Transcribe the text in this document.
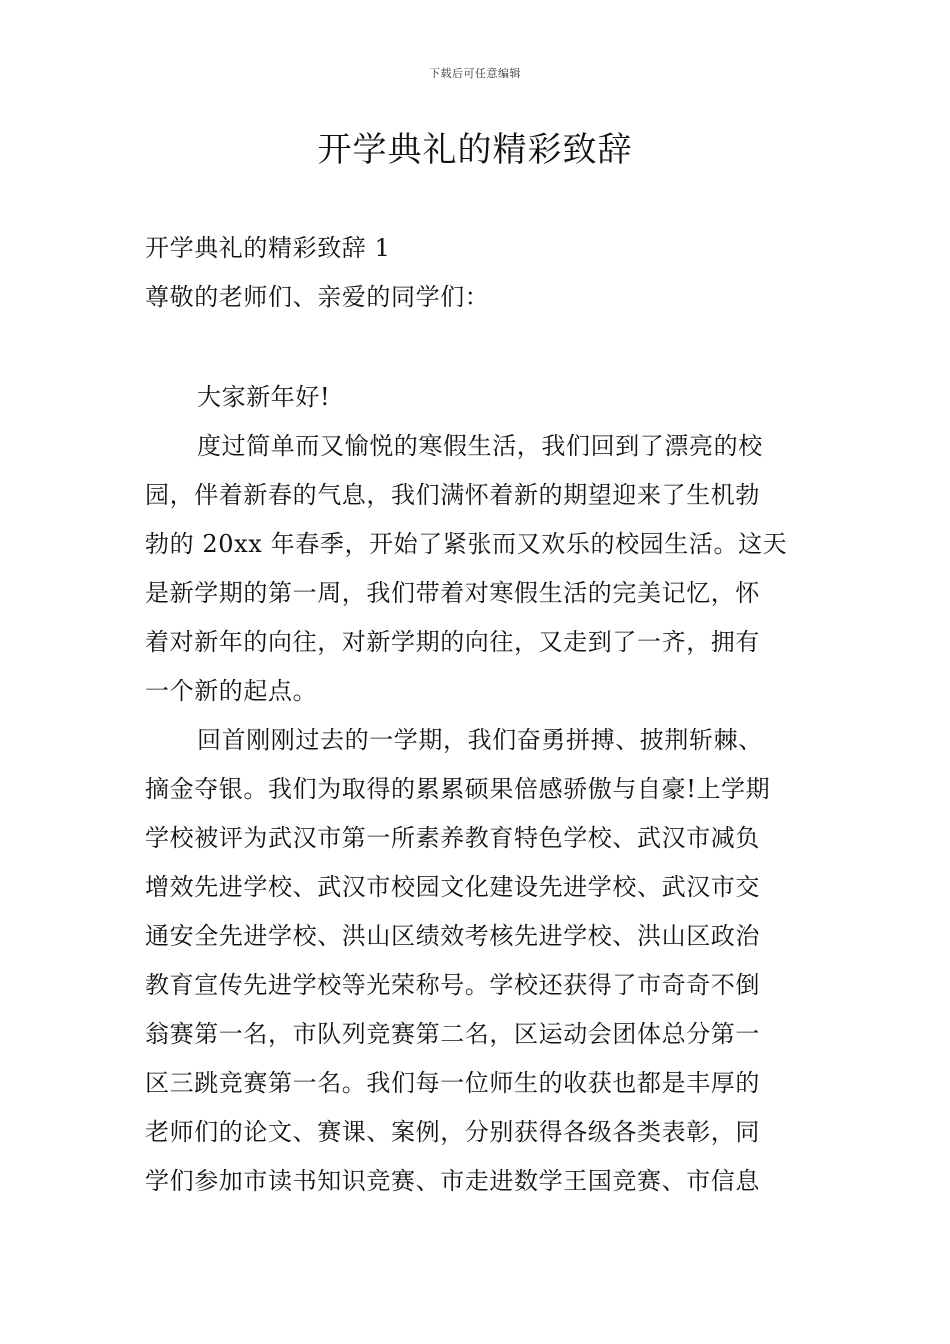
下载后可任意编辑
开学典礼的精彩致辞
开学典礼的精彩致辞 1
尊敬的老师们、亲爱的同学们：
大家新年好!
度过简单而又愉悦的寒假生活，我们回到了漂亮的校
园，伴着新春的气息，我们满怀着新的期望迎来了生机勃
勃的 20xx 年春季，开始了紧张而又欢乐的校园生活。这天
是新学期的第一周，我们带着对寒假生活的完美记忆，怀
着对新年的向往，对新学期的向往，又走到了一齐，拥有
一个新的起点。
回首刚刚过去的一学期，我们奋勇拼搏、披荆斩棘、
摘金夺银。我们为取得的累累硕果倍感骄傲与自豪!上学期
学校被评为武汉市第一所素养教育特色学校、武汉市减负
增效先进学校、武汉市校园文化建设先进学校、武汉市交
通安全先进学校、洪山区绩效考核先进学校、洪山区政治
教育宣传先进学校等光荣称号。学校还获得了市奇奇不倒
翁赛第一名，市队列竞赛第二名，区运动会团体总分第一
区三跳竞赛第一名。我们每一位师生的收获也都是丰厚的
老师们的论文、赛课、案例，分别获得各级各类表彰，同
学们参加市读书知识竞赛、市走进数学王国竞赛、市信息
